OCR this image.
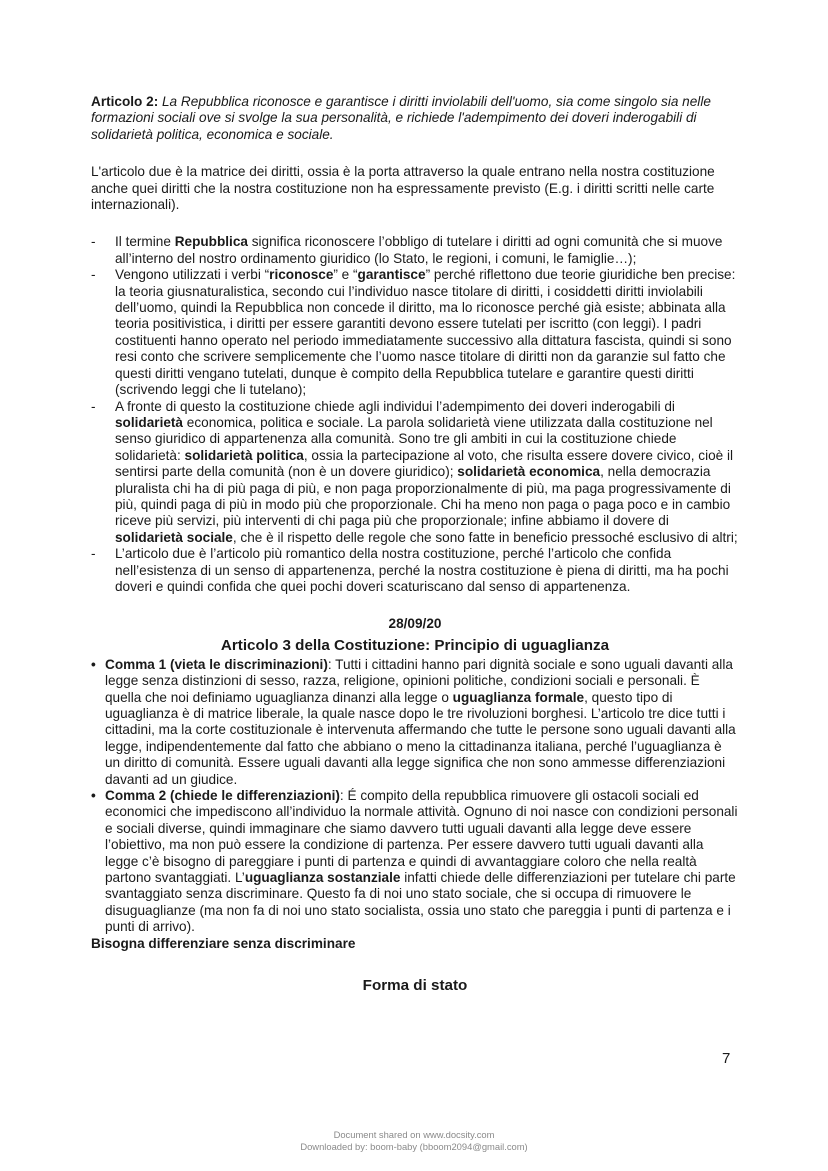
Articolo 2: La Repubblica riconosce e garantisce i diritti inviolabili dell'uomo, sia come singolo sia nelle formazioni sociali ove si svolge la sua personalità, e richiede l'adempimento dei doveri inderogabili di solidarietà politica, economica e sociale.

L'articolo due è la matrice dei diritti, ossia è la porta attraverso la quale entrano nella nostra costituzione anche quei diritti che la nostra costituzione non ha espressamente previsto (E.g. i diritti scritti nelle carte internazionali).

- Il termine Repubblica significa riconoscere l’obbligo di tutelare i diritti ad ogni comunità che si muove all’interno del nostro ordinamento giuridico (lo Stato, le regioni, i comuni, le famiglie…);
- Vengono utilizzati i verbi “riconosce” e “garantisce” perché riflettono due teorie giuridiche ben precise: la teoria giusnaturalistica, secondo cui l’individuo nasce titolare di diritti, i cosiddetti diritti inviolabili dell’uomo, quindi la Repubblica non concede il diritto, ma lo riconosce perché già esiste; abbinata alla teoria positivistica, i diritti per essere garantiti devono essere tutelati per iscritto (con leggi). I padri costituenti hanno operato nel periodo immediatamente successivo alla dittatura fascista, quindi si sono resi conto che scrivere semplicemente che l’uomo nasce titolare di diritti non da garanzie sul fatto che questi diritti vengano tutelati, dunque è compito della Repubblica tutelare e garantire questi diritti (scrivendo leggi che li tutelano);
- A fronte di questo la costituzione chiede agli individui l’adempimento dei doveri inderogabili di solidarietà economica, politica e sociale. La parola solidarietà viene utilizzata dalla costituzione nel senso giuridico di appartenenza alla comunità. Sono tre gli ambiti in cui la costituzione chiede solidarietà: solidarietà politica, ossia la partecipazione al voto, che risulta essere dovere civico, cioè il sentirsi parte della comunità (non è un dovere giuridico); solidarietà economica, nella democrazia pluralista chi ha di più paga di più, e non paga proporzionalmente di più, ma paga progressivamente di più, quindi paga di più in modo più che proporzionale. Chi ha meno non paga o paga poco e in cambio riceve più servizi, più interventi di chi paga più che proporzionale; infine abbiamo il dovere di solidarietà sociale, che è il rispetto delle regole che sono fatte in beneficio pressoché esclusivo di altri;
- L’articolo due è l’articolo più romantico della nostra costituzione, perché l’articolo che confida nell’esistenza di un senso di appartenenza, perché la nostra costituzione è piena di diritti, ma ha pochi doveri e quindi confida che quei pochi doveri scaturiscano dal senso di appartenenza.
28/09/20
Articolo 3 della Costituzione: Principio di uguaglianza
• Comma 1 (vieta le discriminazioni): Tutti i cittadini hanno pari dignità sociale e sono uguali davanti alla legge senza distinzioni di sesso, razza, religione, opinioni politiche, condizioni sociali e personali. È quella che noi definiamo uguaglianza dinanzi alla legge o uguaglianza formale, questo tipo di uguaglianza è di matrice liberale, la quale nasce dopo le tre rivoluzioni borghesi. L’articolo tre dice tutti i cittadini, ma la corte costituzionale è intervenuta affermando che tutte le persone sono uguali davanti alla legge, indipendentemente dal fatto che abbiano o meno la cittadinanza italiana, perché l’uguaglianza è un diritto di comunità. Essere uguali davanti alla legge significa che non sono ammesse differenziazioni davanti ad un giudice.
• Comma 2 (chiede le differenziazioni): É compito della repubblica rimuovere gli ostacoli sociali ed economici che impediscono all’individuo la normale attività. Ognuno di noi nasce con condizioni personali e sociali diverse, quindi immaginare che siamo davvero tutti uguali davanti alla legge deve essere l’obiettivo, ma non può essere la condizione di partenza. Per essere davvero tutti uguali davanti alla legge c’è bisogno di pareggiare i punti di partenza e quindi di avvantaggiare coloro che nella realtà partono svantaggiati. L’uguaglianza sostanziale infatti chiede delle differenziazioni per tutelare chi parte svantaggiato senza discriminare. Questo fa di noi uno stato sociale, che si occupa di rimuovere le disuguaglianze (ma non fa di noi uno stato socialista, ossia uno stato che pareggia i punti di partenza e i punti di arrivo).

Bisogna differenziare senza discriminare

Forma di stato
7
Document shared on www.docsity.com
Downloaded by: boom-baby (bboom2094@gmail.com)
